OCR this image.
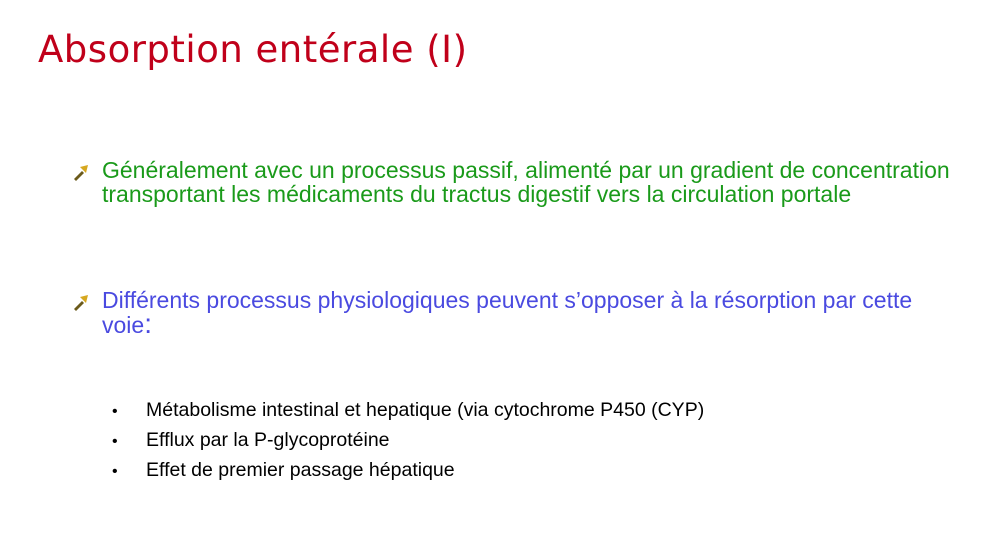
Absorption entérale (I)

Généralement avec un processus passif, alimenté par un gradient de concentration transportant les médicaments du tractus digestif vers la circulation portale

Différents processus physiologiques peuvent s’opposer à la résorption par cette voie:

•	Métabolisme intestinal et hepatique (via cytochrome P450 (CYP)
•	Efflux par la P-glycoprotéine
•	Effet de premier passage hépatique
